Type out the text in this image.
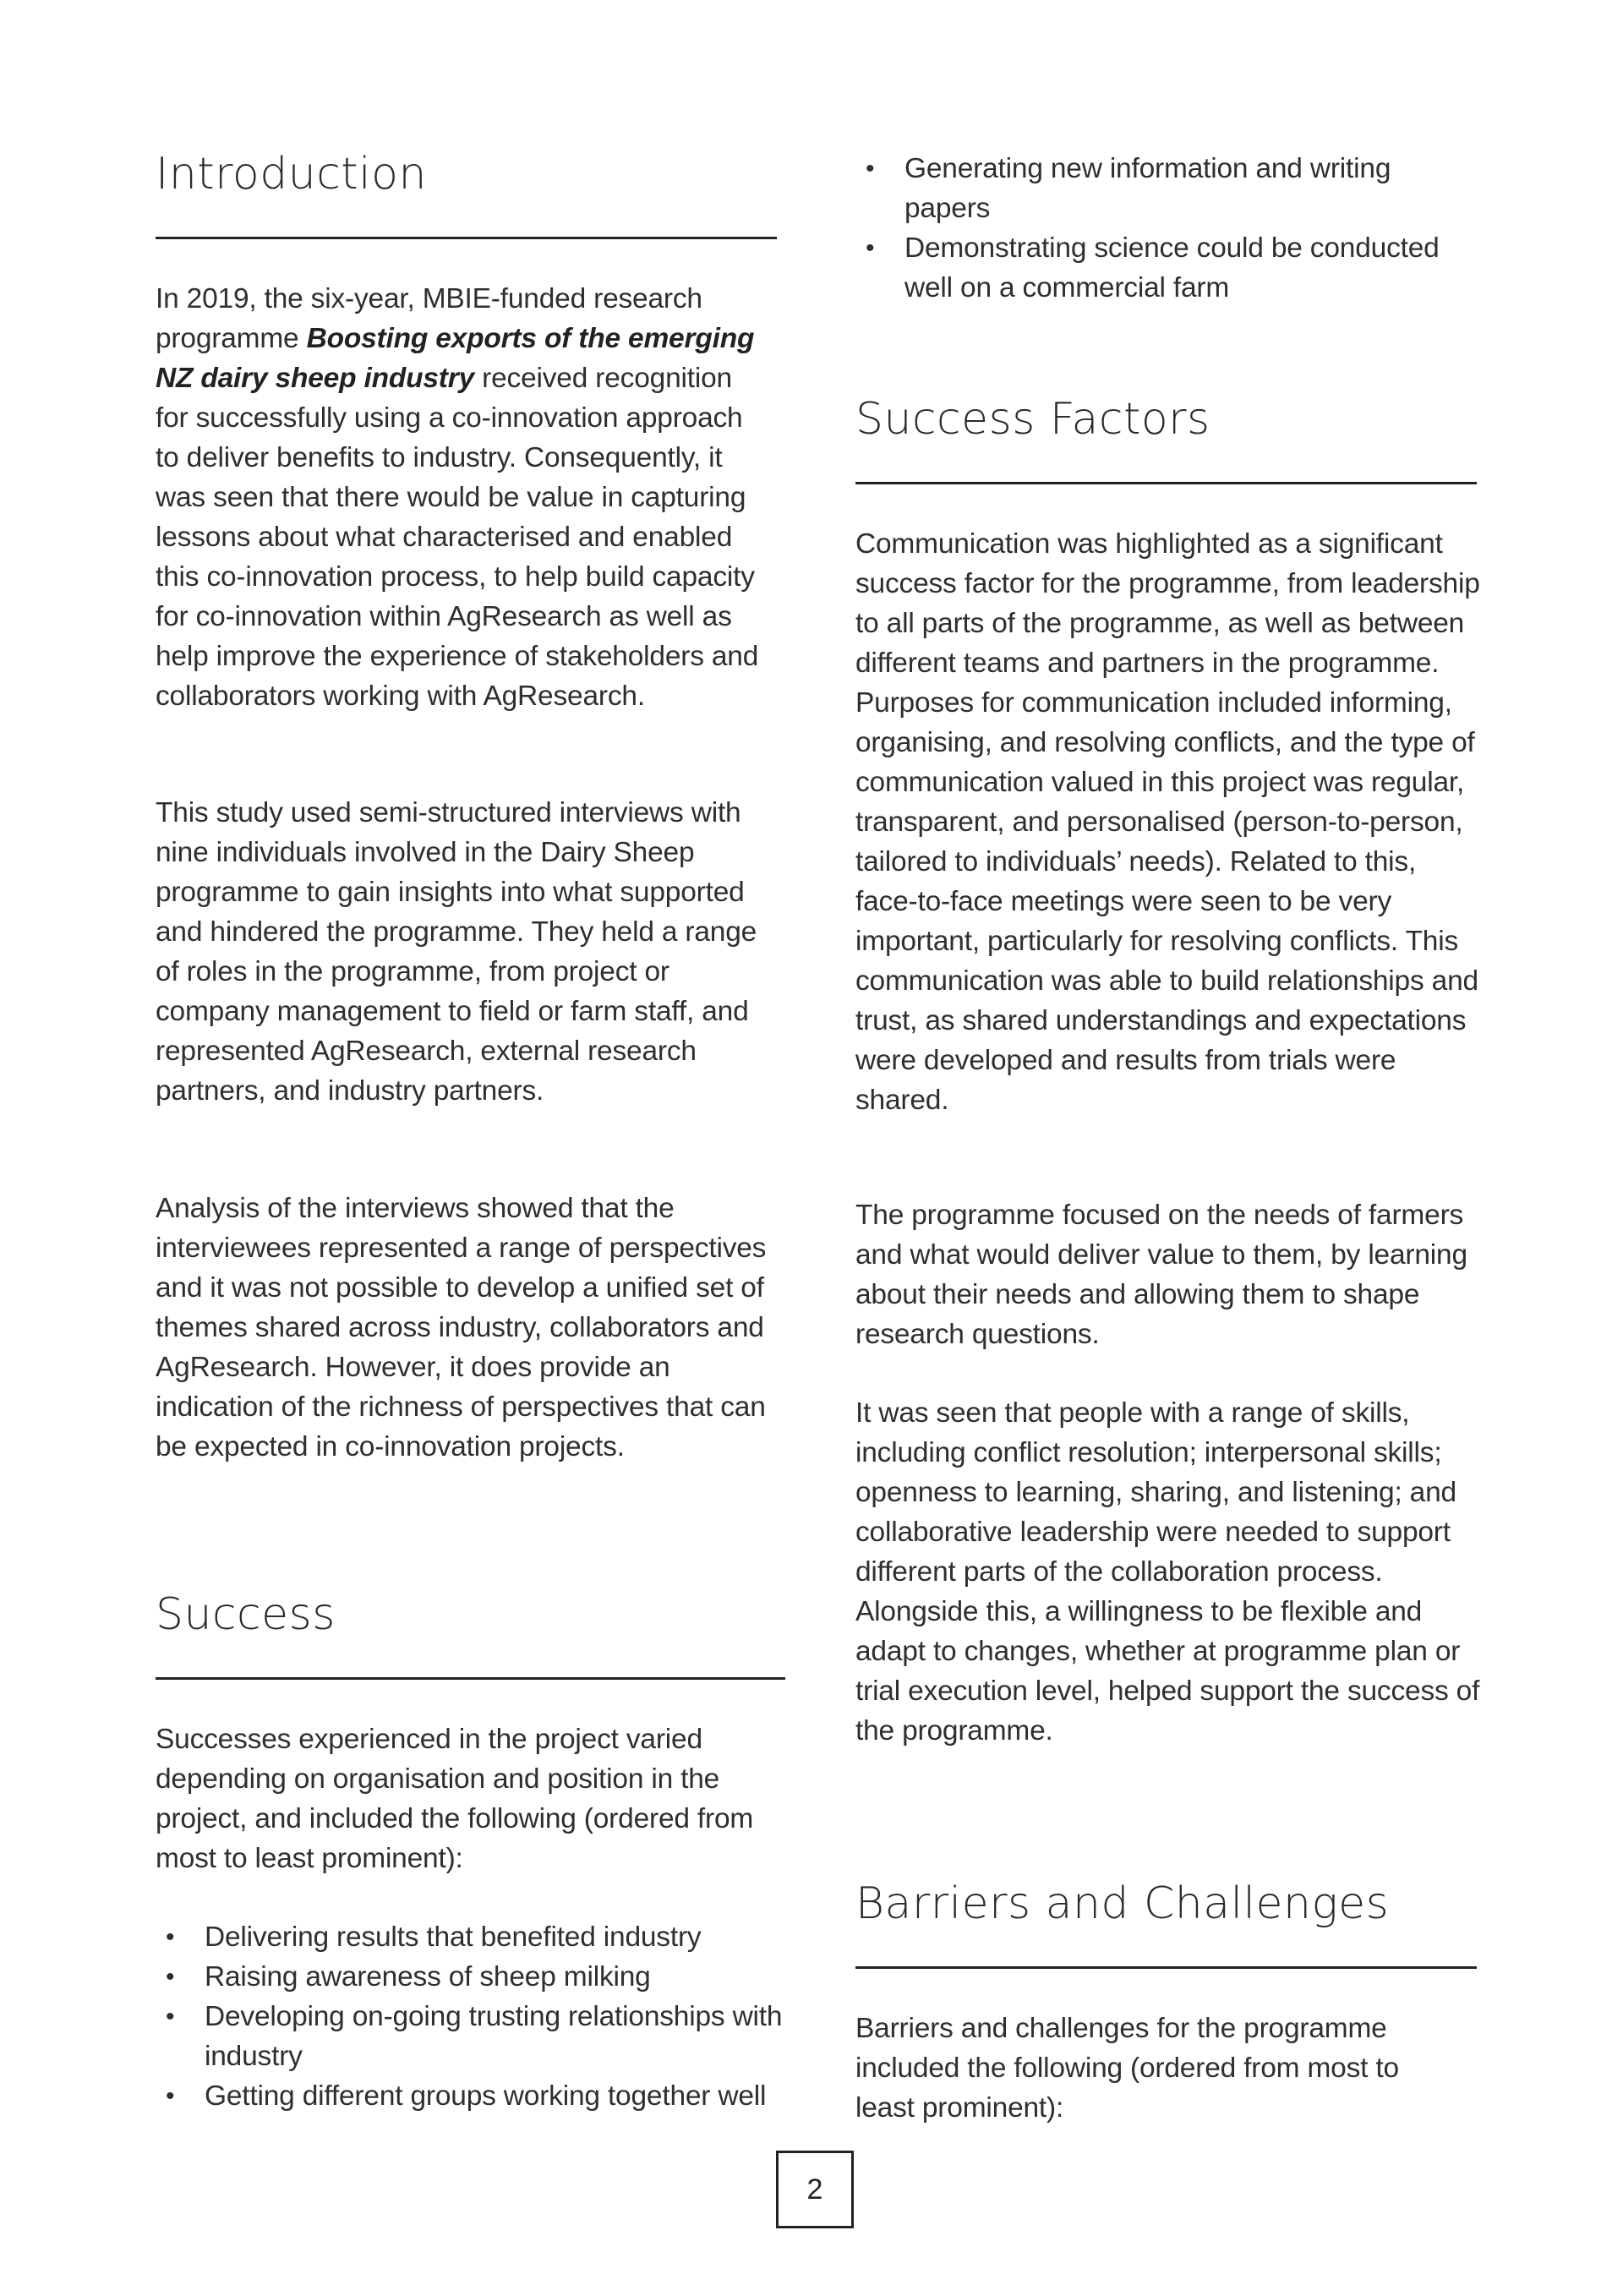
Introduction

In 2019, the six-year, MBIE-funded research programme Boosting exports of the emerging NZ dairy sheep industry received recognition for successfully using a co-innovation approach to deliver benefits to industry. Consequently, it was seen that there would be value in capturing lessons about what characterised and enabled this co-innovation process, to help build capacity for co-innovation within AgResearch as well as help improve the experience of stakeholders and collaborators working with AgResearch.

This study used semi-structured interviews with nine individuals involved in the Dairy Sheep programme to gain insights into what supported and hindered the programme. They held a range of roles in the programme, from project or company management to field or farm staff, and represented AgResearch, external research partners, and industry partners.

Analysis of the interviews showed that the interviewees represented a range of perspectives and it was not possible to develop a unified set of themes shared across industry, collaborators and AgResearch. However, it does provide an indication of the richness of perspectives that can be expected in co-innovation projects.

Success

Successes experienced in the project varied depending on organisation and position in the project, and included the following (ordered from most to least prominent):

• Delivering results that benefited industry
• Raising awareness of sheep milking
• Developing on-going trusting relationships with industry
• Getting different groups working together well
• Generating new information and writing papers
• Demonstrating science could be conducted well on a commercial farm
Success Factors

Communication was highlighted as a significant success factor for the programme, from leadership to all parts of the programme, as well as between different teams and partners in the programme. Purposes for communication included informing, organising, and resolving conflicts, and the type of communication valued in this project was regular, transparent, and personalised (person-to-person, tailored to individuals’ needs). Related to this, face-to-face meetings were seen to be very important, particularly for resolving conflicts. This communication was able to build relationships and trust, as shared understandings and expectations were developed and results from trials were shared.

The programme focused on the needs of farmers and what would deliver value to them, by learning about their needs and allowing them to shape research questions.

It was seen that people with a range of skills, including conflict resolution; interpersonal skills; openness to learning, sharing, and listening; and collaborative leadership were needed to support different parts of the collaboration process. Alongside this, a willingness to be flexible and adapt to changes, whether at programme plan or trial execution level, helped support the success of the programme.

Barriers and Challenges

Barriers and challenges for the programme included the following (ordered from most to least prominent):

2
